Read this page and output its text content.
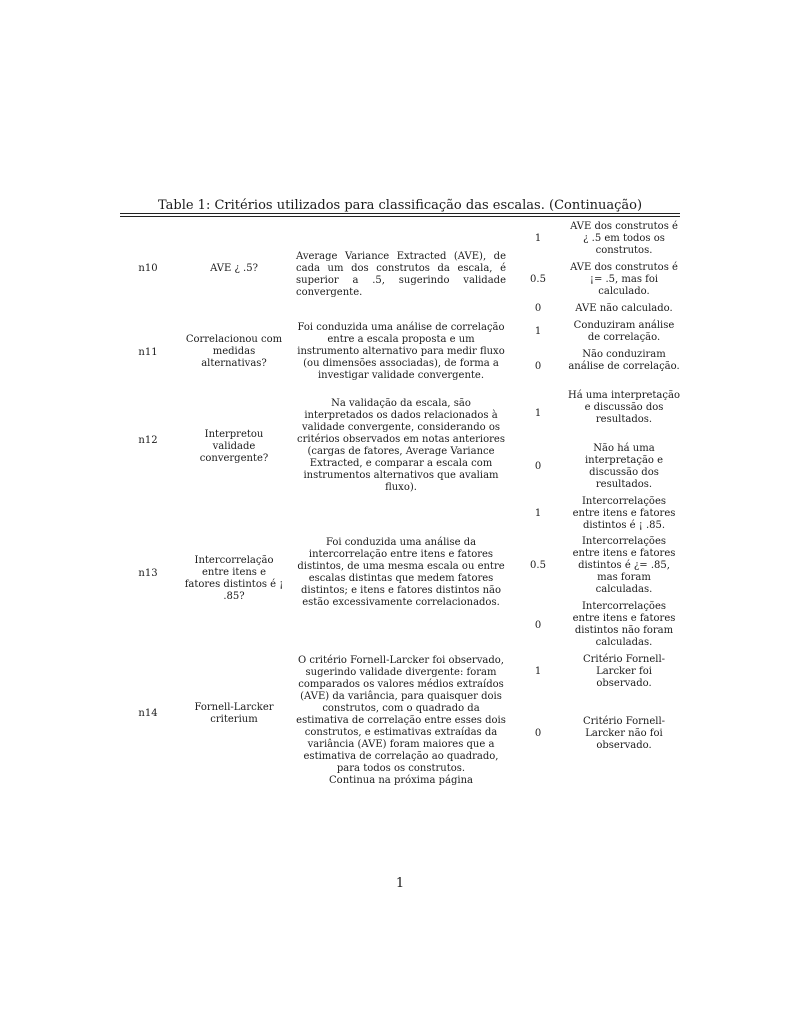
Table 1: Critérios utilizados para classificação das escalas. (Continuação)
n10	AVE ¿ .5?
Average Variance Extracted (AVE), de cada um dos construtos da escala, é superior a .5, sugerindo validade convergente.
1
AVE dos construtos é ¿ .5 em todos os construtos.
0.5
AVE dos construtos é ¡= .5, mas foi calculado.
0	AVE não calculado.
n11
Correlacionou com medidas alternativas?
Foi conduzida uma análise de correlação entre a escala proposta e um instrumento alternativo para medir fluxo (ou dimensões associadas), de forma a investigar validade convergente.
1
Conduziram análise de correlação.
0
Não conduziram análise de correlação.
n12
Interpretou validade convergente?
Na validação da escala, são interpretados os dados relacionados à validade convergente, considerando os critérios observados em notas anteriores (cargas de fatores, Average Variance Extracted, e comparar a escala com instrumentos alternativos que avaliam fluxo).
1
Há uma interpretação e discussão dos resultados.
0
Não há uma interpretação e discussão dos resultados.
n13
Intercorrelação entre itens e fatores distintos é ¡ .85?
Foi conduzida uma análise da intercorrelação entre itens e fatores distintos, de uma mesma escala ou entre escalas distintas que medem fatores distintos; e itens e fatores distintos não estão excessivamente correlacionados.
1
Intercorrelações entre itens e fatores distintos é ¡ .85.
0.5
Intercorrelações entre itens e fatores distintos é ¿= .85, mas foram calculadas.
0
Intercorrelações entre itens e fatores distintos não foram calculadas.
n14
Fornell-Larcker criterium
O critério Fornell-Larcker foi observado, sugerindo validade divergente: foram comparados os valores médios extraídos (AVE) da variância, para quaisquer dois construtos, com o quadrado da estimativa de correlação entre esses dois construtos, e estimativas extraídas da variância (AVE) foram maiores que a estimativa de correlação ao quadrado, para todos os construtos.
1
Critério Fornell-Larcker foi observado.
0
Critério Fornell-Larcker não foi observado.
Continua na próxima página
1
